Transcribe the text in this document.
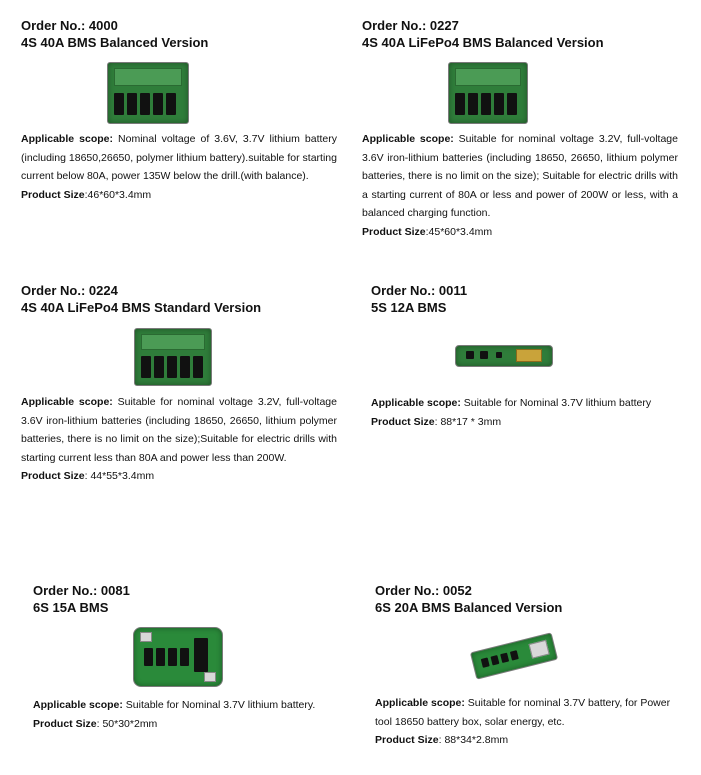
Order No.: 4000
4S 40A BMS Balanced Version
Applicable scope: Nominal voltage of 3.6V, 3.7V lithium battery (including 18650,26650, polymer lithium battery).suitable for starting current below 80A, power 135W below the drill.(with balance).
Product Size:46*60*3.4mm
Order No.: 0227
4S 40A LiFePo4 BMS Balanced Version
Applicable scope: Suitable for nominal voltage 3.2V, full-voltage 3.6V iron-lithium batteries (including 18650, 26650, lithium polymer batteries, there is no limit on the size); Suitable for electric drills with a starting current of 80A or less and power of 200W or less, with a balanced charging function.
Product Size:45*60*3.4mm
Order No.: 0224
4S 40A LiFePo4 BMS Standard Version
Applicable scope: Suitable for nominal voltage 3.2V, full-voltage 3.6V iron-lithium batteries (including 18650, 26650, lithium polymer batteries, there is no limit on the size);Suitable for electric drills with starting current less than 80A and power less than 200W.
Product Size: 44*55*3.4mm
Order No.: 0011
5S 12A BMS
Applicable scope: Suitable for Nominal 3.7V lithium battery
Product Size: 88*17 * 3mm
Order No.: 0081
6S 15A BMS
Applicable scope: Suitable for Nominal 3.7V lithium battery.
Product Size: 50*30*2mm
Order No.: 0052
6S 20A BMS Balanced Version
Applicable scope: Suitable for nominal 3.7V battery, for Power tool 18650 battery box, solar energy, etc.
Product Size: 88*34*2.8mm
